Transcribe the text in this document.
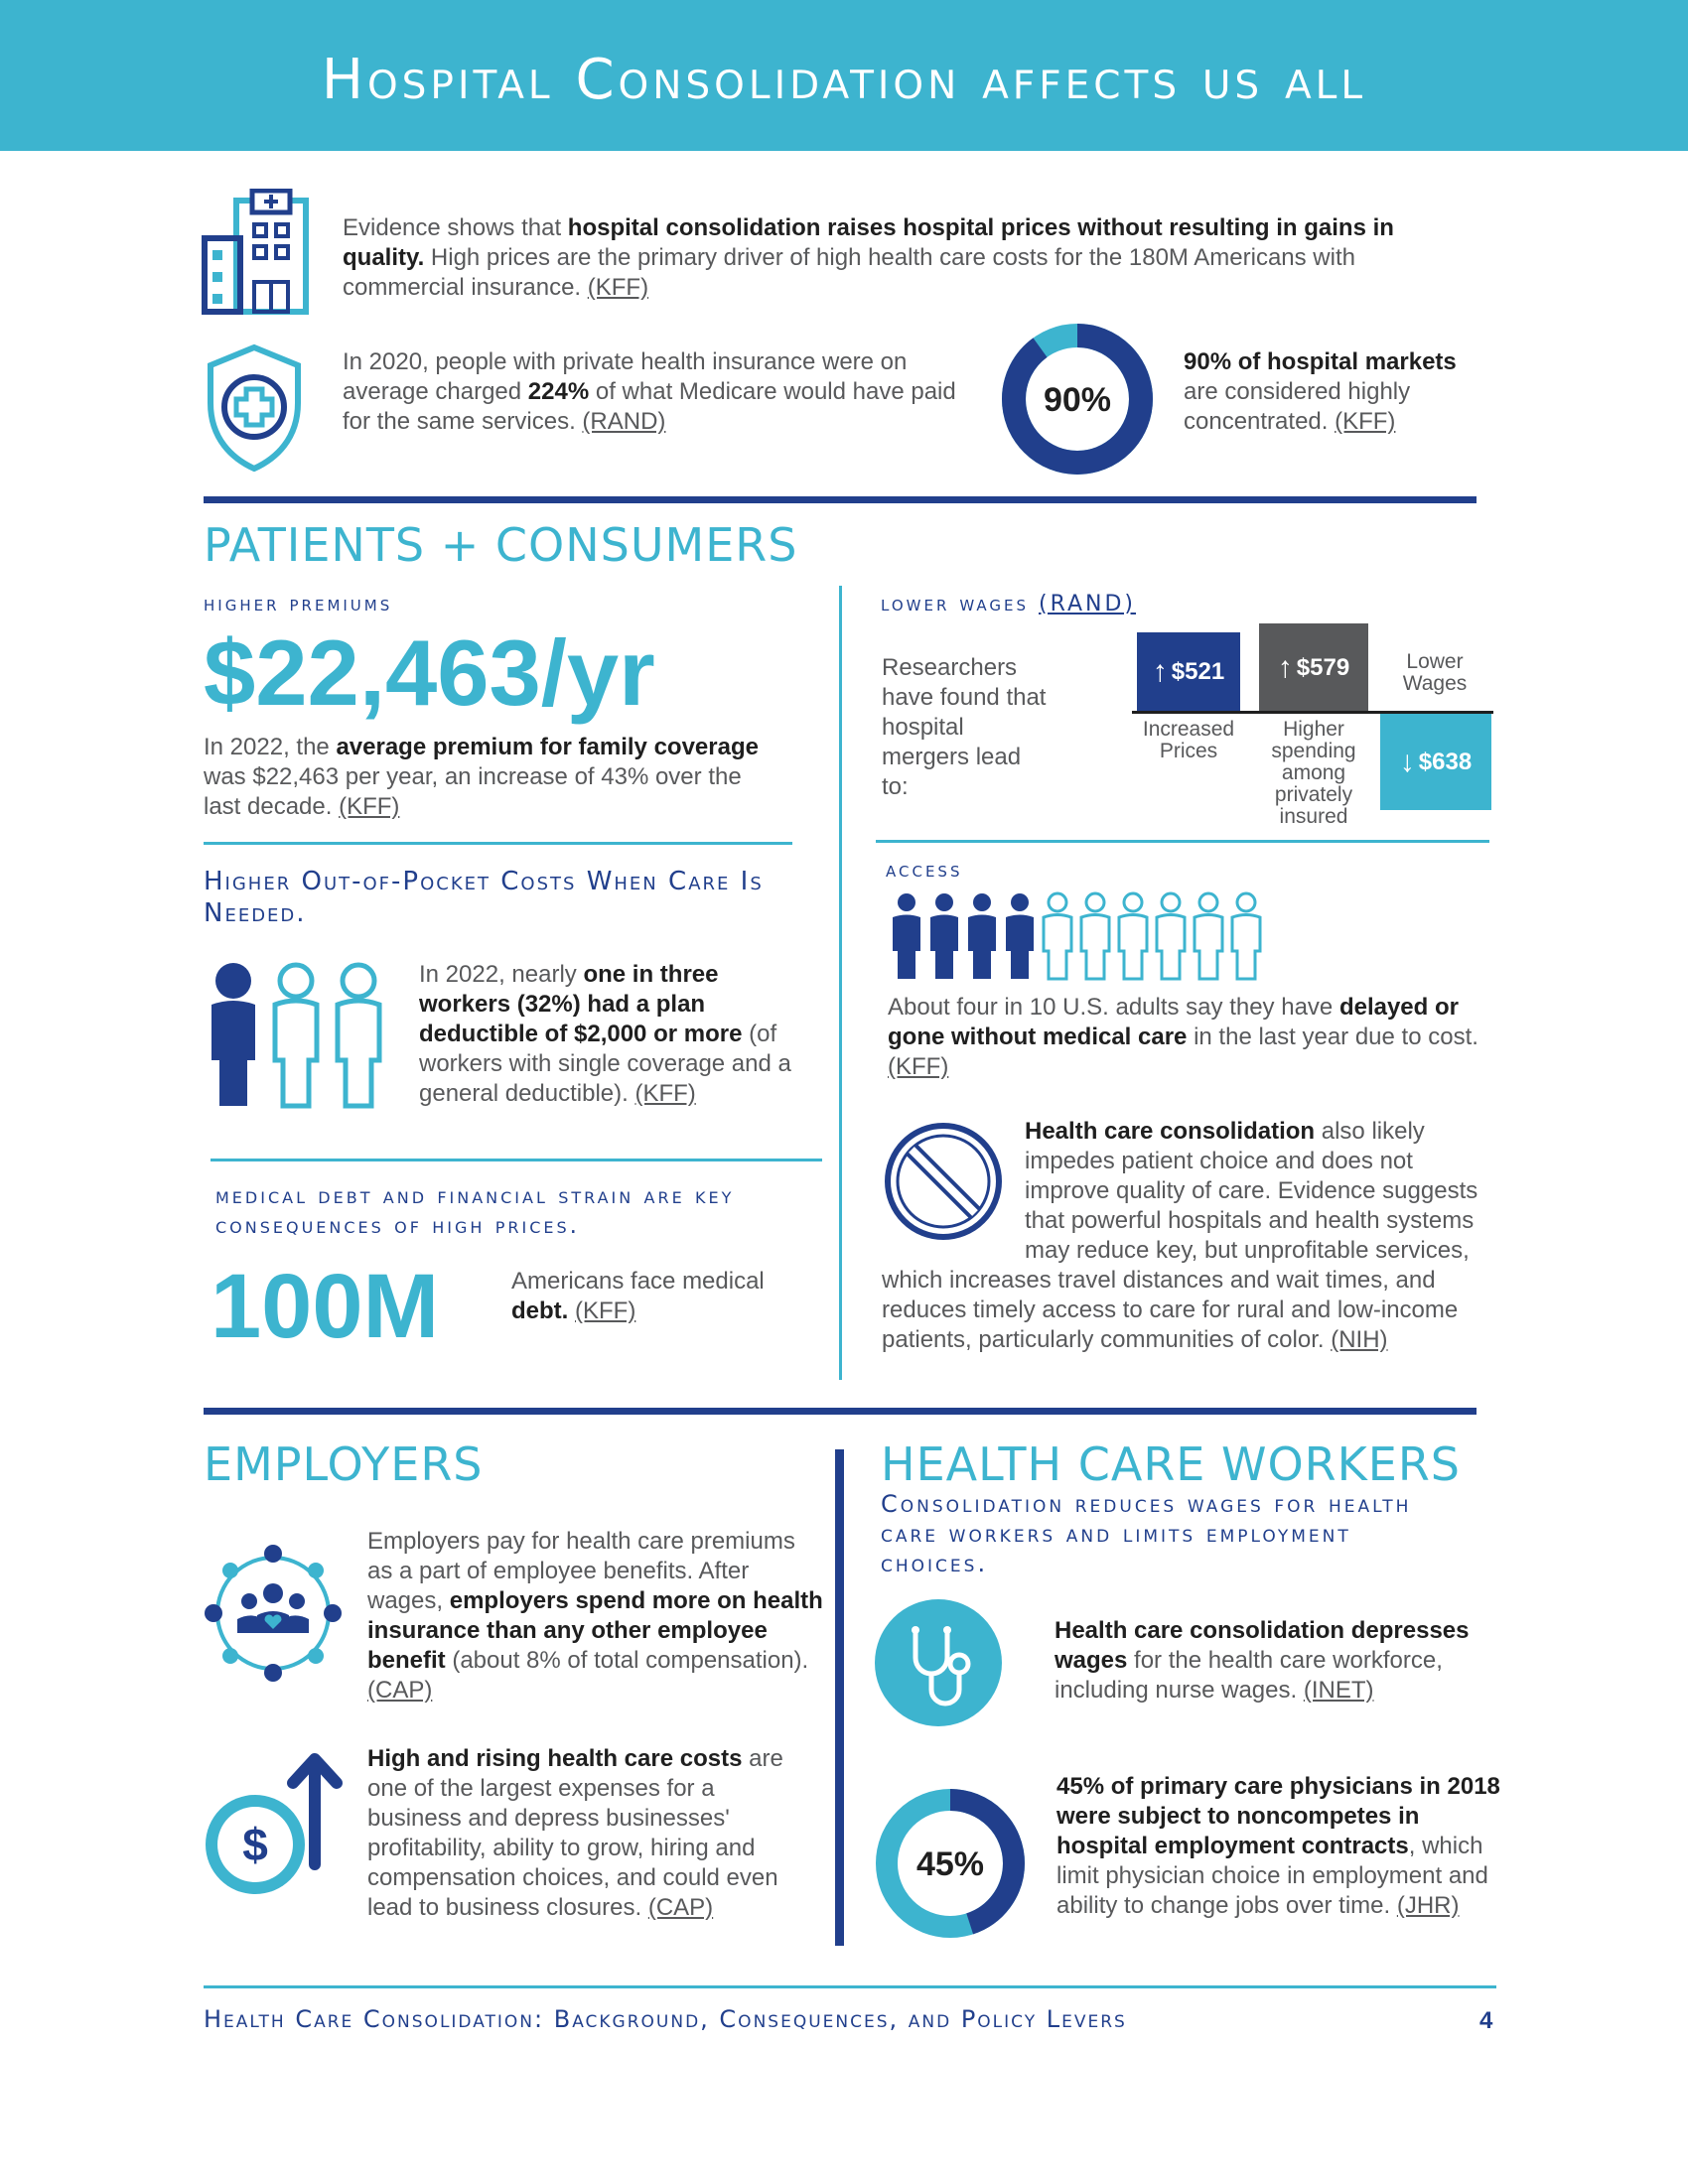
Hospital Consolidation affects us all
Evidence shows that hospital consolidation raises hospital prices without resulting in gains in quality. High prices are the primary driver of high health care costs for the 180M Americans with commercial insurance. (KFF)
In 2020, people with private health insurance were on average charged 224% of what Medicare would have paid for the same services. (RAND)
90%
90% of hospital markets are considered highly concentrated. (KFF)
PATIENTS + CONSUMERS
higher premiums
$22,463/yr
In 2022, the average premium for family coverage was $22,463 per year, an increase of 43% over the last decade. (KFF)
Higher Out-of-Pocket Costs When Care Is Needed.
In 2022, nearly one in three workers (32%) had a plan deductible of $2,000 or more (of workers with single coverage and a general deductible). (KFF)
medical debt and financial strain are key consequences of high prices.
100M	Americans face medical debt. (KFF)
lower wages (RAND)
Researchers have found that hospital mergers lead to:
↑ $521
Increased Prices
↑ $579
Higher spending among privately insured
Lower Wages
↓ $638
access
About four in 10 U.S. adults say they have delayed or gone without medical care in the last year due to cost. (KFF)
Health care consolidation also likely impedes patient choice and does not improve quality of care. Evidence suggests that powerful hospitals and health systems may reduce key, but unprofitable services, which increases travel distances and wait times, and reduces timely access to care for rural and low-income patients, particularly communities of color. (NIH)
EMPLOYERS
Employers pay for health care premiums as a part of employee benefits. After wages, employers spend more on health insurance than any other employee benefit (about 8% of total compensation). (CAP)
$
High and rising health care costs are one of the largest expenses for a business and depress businesses' profitability, ability to grow, hiring and compensation choices, and could even lead to business closures. (CAP)
HEALTH CARE WORKERS
Consolidation reduces wages for health care workers and limits employment choices.
Health care consolidation depresses wages for the health care workforce, including nurse wages. (INET)
45%
45% of primary care physicians in 2018 were subject to noncompetes in hospital employment contracts, which limit physician choice in employment and ability to change jobs over time. (JHR)
Health Care Consolidation: Background, Consequences, and Policy Levers	4
